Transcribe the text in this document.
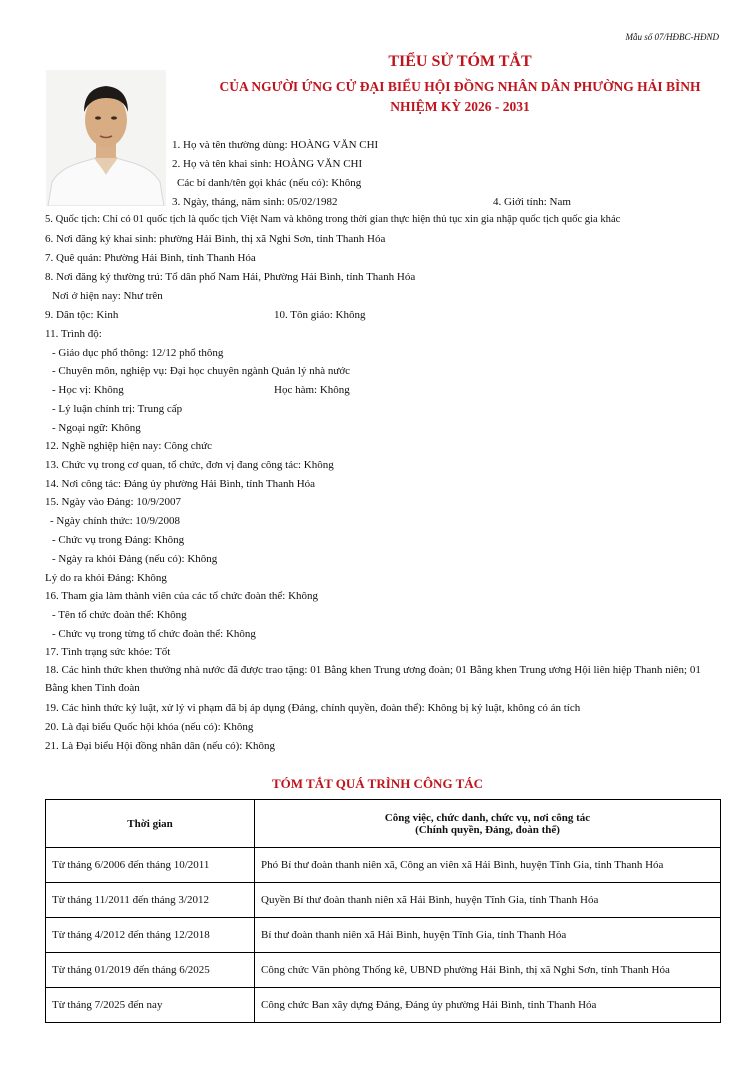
Mẫu số 07/HĐBC-HĐND
TIỂU SỬ TÓM TẮT
CỦA NGƯỜI ỨNG CỬ ĐẠI BIỂU HỘI ĐỒNG NHÂN DÂN PHƯỜNG HẢI BÌNH
NHIỆM KỲ 2026 - 2031
1. Họ và tên thường dùng: HOÀNG VĂN CHI
2. Họ và tên khai sinh: HOÀNG VĂN CHI
Các bí danh/tên gọi khác (nếu có): Không
3. Ngày, tháng, năm sinh: 05/02/1982	4. Giới tính: Nam
5. Quốc tịch: Chỉ có 01 quốc tịch là quốc tịch Việt Nam và không trong thời gian thực hiện thủ tục xin gia nhập quốc tịch quốc gia khác
6. Nơi đăng ký khai sinh: phường Hải Bình, thị xã Nghi Sơn, tỉnh Thanh Hóa
7. Quê quán: Phường Hải Bình, tỉnh Thanh Hóa
8. Nơi đăng ký thường trú: Tổ dân phố Nam Hải, Phường Hải Bình, tỉnh Thanh Hóa
Nơi ở hiện nay: Như trên
9. Dân tộc: Kinh	10. Tôn giáo: Không
11. Trình độ:
- Giáo dục phổ thông: 12/12 phổ thông
- Chuyên môn, nghiệp vụ: Đại học chuyên ngành Quản lý nhà nước
- Học vị: Không	Học hàm: Không
- Lý luận chính trị: Trung cấp
- Ngoại ngữ: Không
12. Nghề nghiệp hiện nay: Công chức
13. Chức vụ trong cơ quan, tổ chức, đơn vị đang công tác: Không
14. Nơi công tác: Đảng ủy phường Hải Bình, tỉnh Thanh Hóa
15. Ngày vào Đảng: 10/9/2007
- Ngày chính thức: 10/9/2008
- Chức vụ trong Đảng: Không
- Ngày ra khỏi Đảng (nếu có): Không
Lý do ra khỏi Đảng: Không
16. Tham gia làm thành viên của các tổ chức đoàn thể: Không
- Tên tổ chức đoàn thể: Không
- Chức vụ trong từng tổ chức đoàn thể: Không
17. Tình trạng sức khỏe: Tốt
18. Các hình thức khen thưởng nhà nước đã được trao tặng: 01 Bằng khen Trung ương đoàn; 01 Bằng khen Trung ương Hội liên hiệp Thanh niên; 01 Bằng khen Tỉnh đoàn
19. Các hình thức kỷ luật, xử lý vi phạm đã bị áp dụng (Đảng, chính quyền, đoàn thể): Không bị kỷ luật, không có án tích
20. Là đại biểu Quốc hội khóa (nếu có): Không
21. Là Đại biểu Hội đồng nhân dân (nếu có): Không
TÓM TẮT QUÁ TRÌNH CÔNG TÁC
Thời gian	Công việc, chức danh, chức vụ, nơi công tác
(Chính quyền, Đảng, đoàn thể)

Từ tháng 6/2006 đến tháng 10/2011	Phó Bí thư đoàn thanh niên xã, Công an viên xã Hải Bình, huyện Tĩnh Gia, tỉnh Thanh Hóa
Từ tháng 11/2011 đến tháng 3/2012	Quyền Bí thư đoàn thanh niên xã Hải Bình, huyện Tĩnh Gia, tỉnh Thanh Hóa
Từ tháng 4/2012 đến tháng 12/2018	Bí thư đoàn thanh niên xã Hải Bình, huyện Tĩnh Gia, tỉnh Thanh Hóa
Từ tháng 01/2019 đến tháng 6/2025	Công chức Văn phòng Thống kê, UBND phường Hải Bình, thị xã Nghi Sơn, tỉnh Thanh Hóa
Từ tháng 7/2025 đến nay	Công chức Ban xây dựng Đảng, Đảng ủy phường Hải Bình, tỉnh Thanh Hóa
